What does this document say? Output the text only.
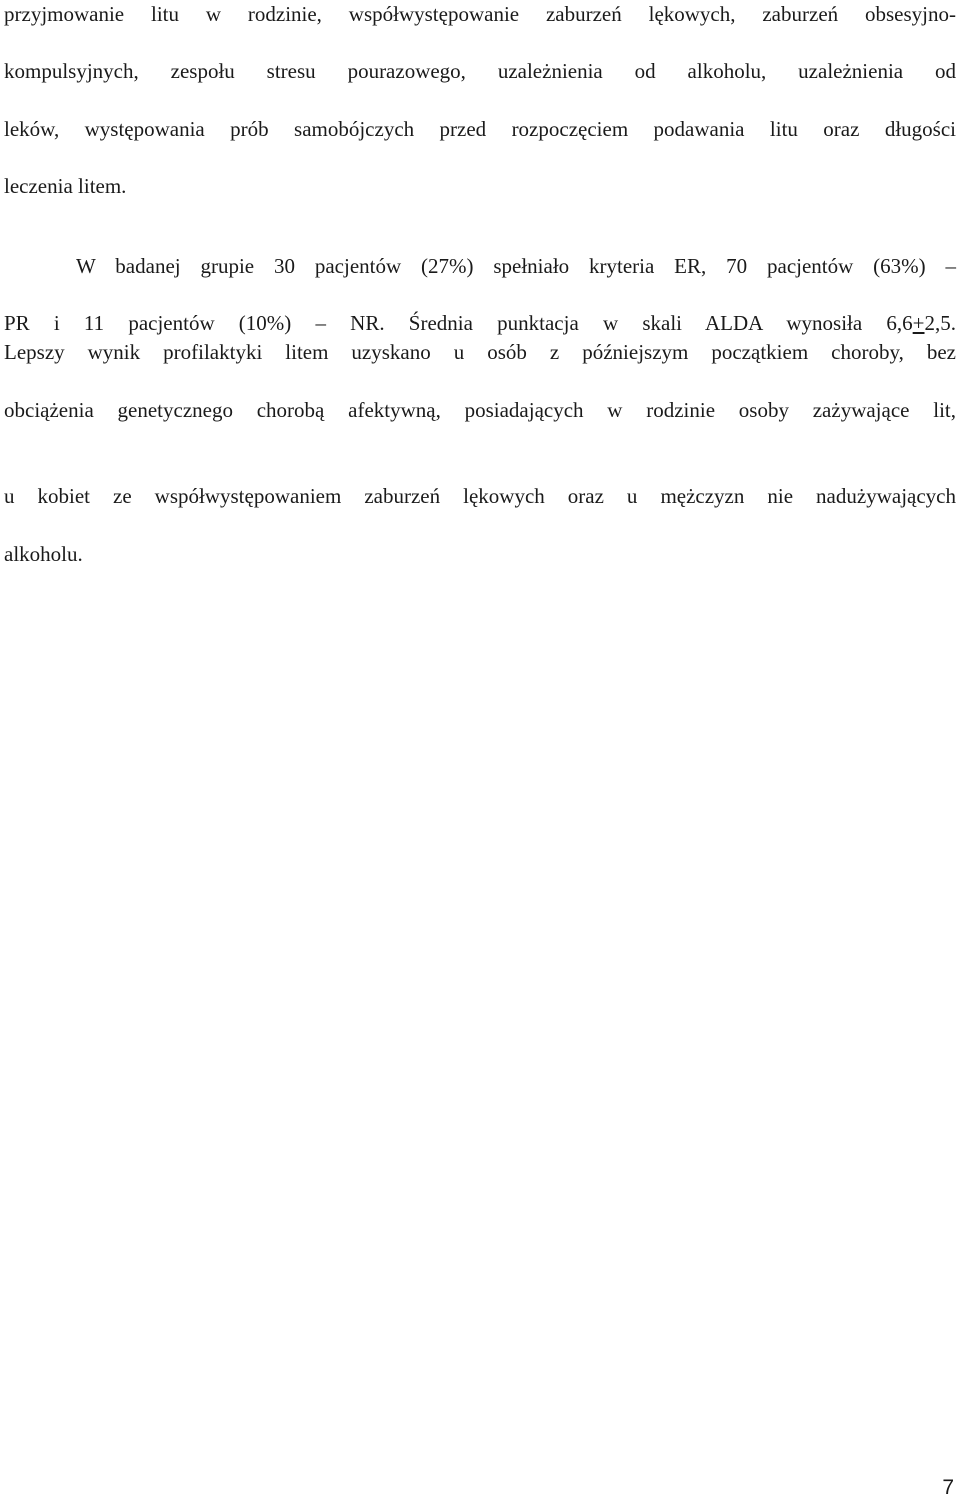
przyjmowanie litu w rodzinie, współwystępowanie zaburzeń lękowych, zaburzeń obsesyjno-
kompulsyjnych, zespołu stresu pourazowego, uzależnienia od alkoholu, uzależnienia od
leków, występowania prób samobójczych przed rozpoczęciem podawania litu oraz długości
leczenia litem.
W badanej grupie 30 pacjentów (27%) spełniało kryteria ER, 70 pacjentów (63%) –
PR i 11 pacjentów (10%) – NR. Średnia punktacja w skali ALDA wynosiła 6,6+2,5.
Lepszy wynik profilaktyki litem uzyskano u osób z późniejszym początkiem choroby, bez
obciążenia genetycznego chorobą afektywną, posiadających w rodzinie osoby zażywające lit,
u kobiet ze współwystępowaniem zaburzeń lękowych oraz u mężczyzn nie nadużywających
alkoholu.
7
